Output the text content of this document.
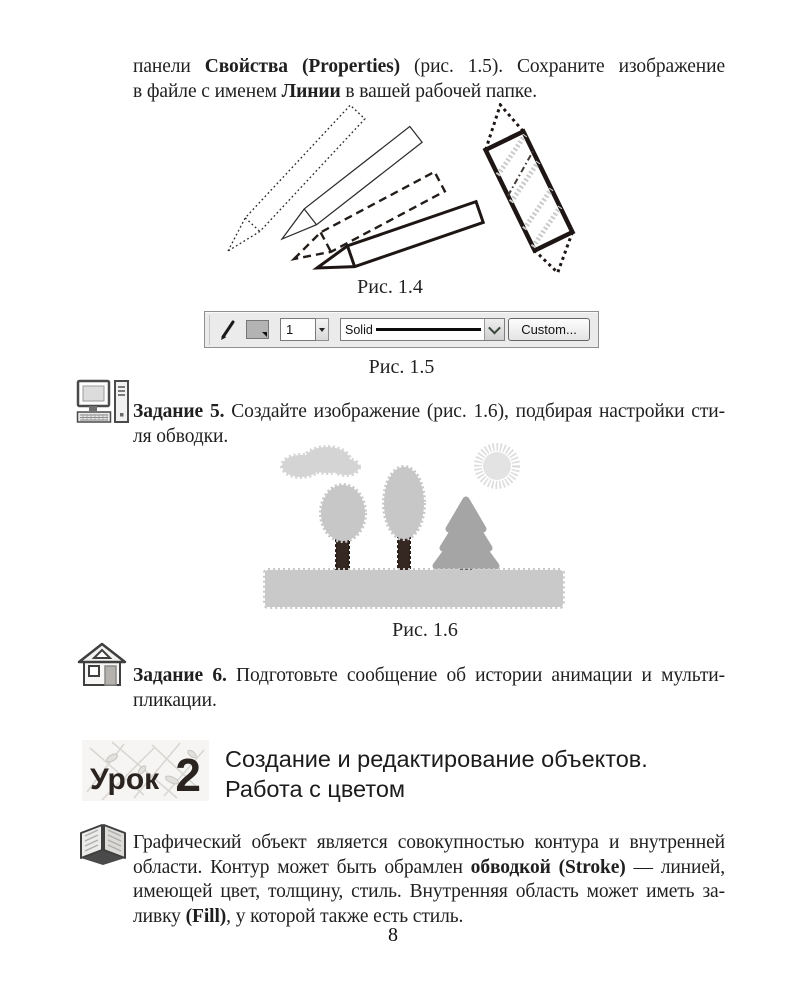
панели Свойства (Properties) (рис. 1.5). Сохраните изображение
в файле с именем Линии в вашей рабочей папке.
Рис. 1.4
1
Solid	Custom...
Рис. 1.5
Задание 5. Создайте изображение (рис. 1.6), подбирая настройки сти-
ля обводки.
Рис. 1.6
Задание 6. Подготовьте сообщение об истории анимации и мульти-
пликации.
Урок 2 Создание и редактирование объектов.
Работа с цветом
Графический объект является совокупностью контура и внутренней
области. Контур может быть обрамлен обводкой (Stroke) — линией,
имеющей цвет, толщину, стиль. Внутренняя область может иметь за-
ливку (Fill), у которой также есть стиль.
8
